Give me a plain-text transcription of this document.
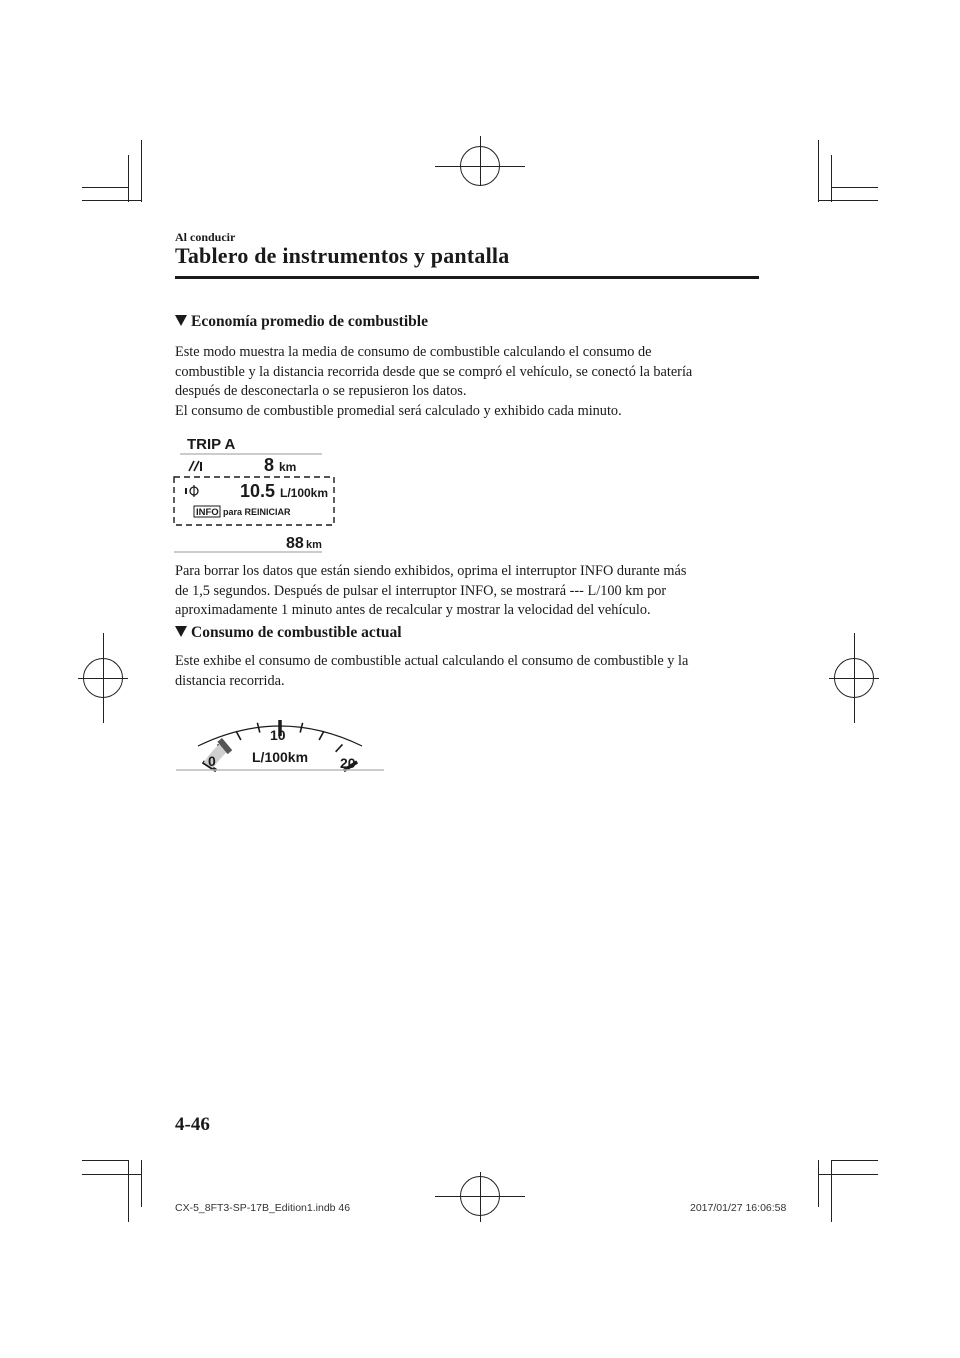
Al conducir
Tablero de instrumentos y pantalla
Economía promedio de combustible

Este modo muestra la media de consumo de combustible calculando el consumo de

combustible y la distancia recorrida desde que se compró el vehículo, se conectó la batería

después de desconectarla o se repusieron los datos.

El consumo de combustible promedial será calculado y exhibido cada minuto.

TRIP A
8 km
10.5 L/100km
INFO para REINICIAR
88 km

Para borrar los datos que están siendo exhibidos, oprima el interruptor INFO durante más

de 1,5 segundos. Después de pulsar el interruptor INFO, se mostrará --- L/100 km por

aproximadamente 1 minuto antes de recalcular y mostrar la velocidad del vehículo.

Consumo de combustible actual

Este exhibe el consumo de combustible actual calculando el consumo de combustible y la

distancia recorrida.

0
10
20
L/100km
4-46
CX-5_8FT3-SP-17B_Edition1.indb 46	2017/01/27 16:06:58
